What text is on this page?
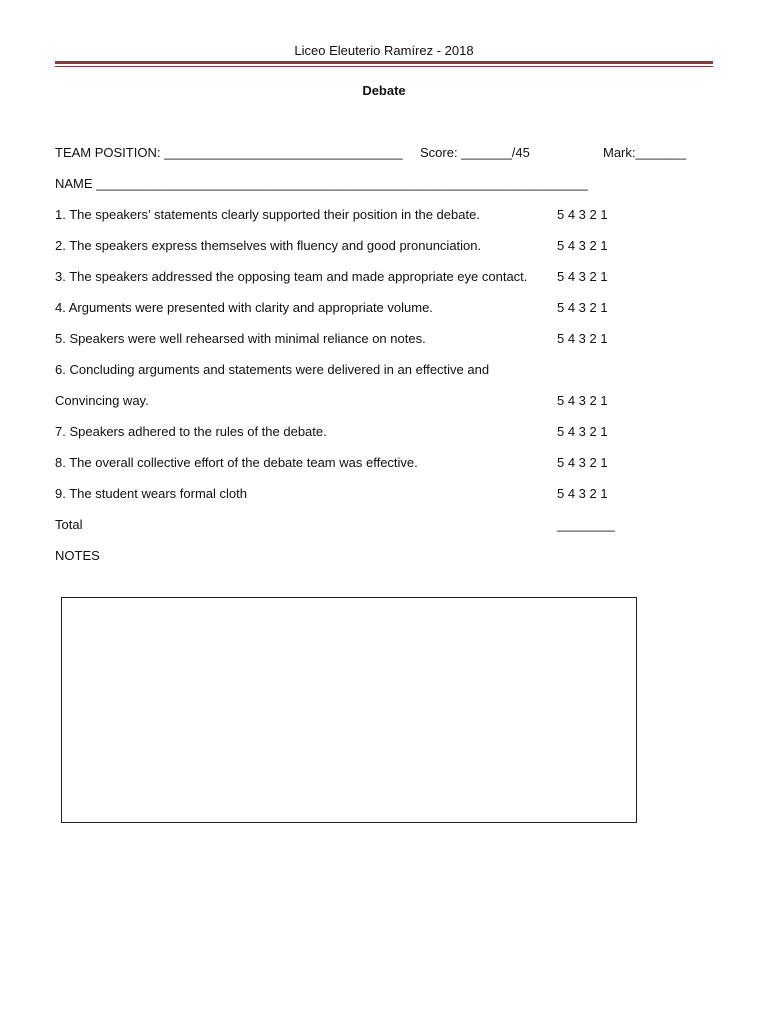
Liceo Eleuterio Ramírez - 2018
Debate
TEAM POSITION: _________________________________ Score: _______/45	Mark:_______
NAME ____________________________________________________________________
1. The speakers’ statements clearly supported their position in the debate.	5 4 3 2 1
2. The speakers express themselves with fluency and good pronunciation.	5 4 3 2 1
3. The speakers addressed the opposing team and made appropriate eye contact. 5 4 3 2 1
4. Arguments were presented with clarity and appropriate volume.	5 4 3 2 1
5. Speakers were well rehearsed with minimal reliance on notes.	5 4 3 2 1
6. Concluding arguments and statements were delivered in an effective and
Convincing way.	5 4 3 2 1
7. Speakers adhered to the rules of the debate.	5 4 3 2 1
8. The overall collective effort of the debate team was effective.	5 4 3 2 1
9. The student wears formal cloth	5 4 3 2 1
Total	________
NOTES
